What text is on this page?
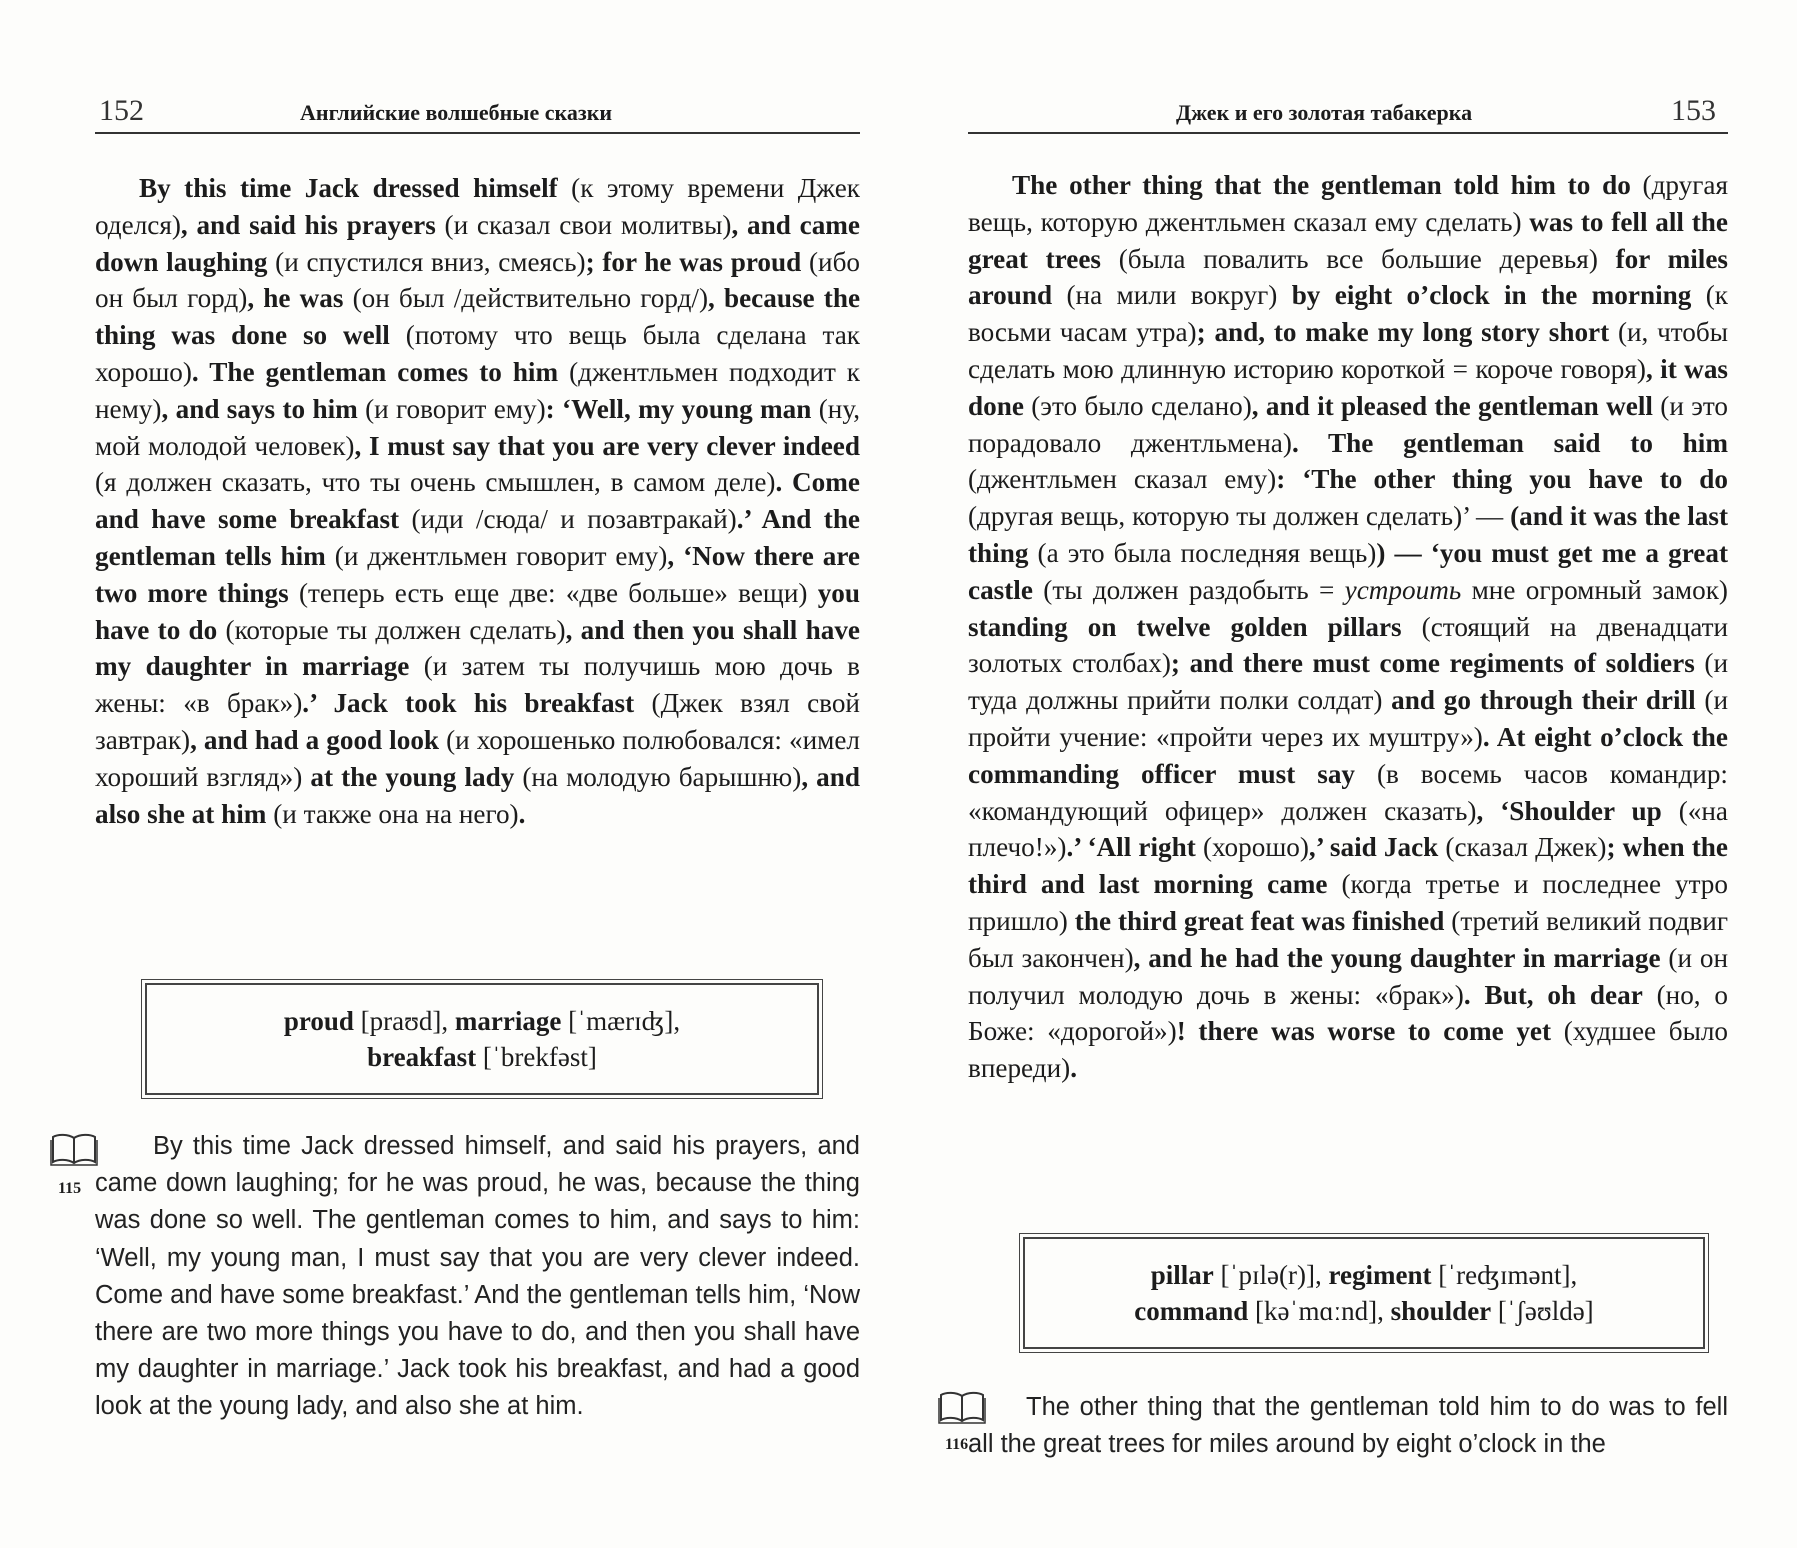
152	Английские волшебные сказки

By this time Jack dressed himself (к этому времени Джек оделся), and said his prayers (и сказал свои молитвы), and came down laughing (и спустился вниз, смеясь); for he was proud (ибо он был горд), he was (он был /действительно горд/), because the thing was done so well (потому что вещь была сделана так хорошо). The gentleman comes to him (джентльмен подходит к нему), and says to him (и говорит ему): ‘Well, my young man (ну, мой молодой человек), I must say that you are very clever indeed (я должен сказать, что ты очень смышлен, в самом деле). Come and have some breakfast (иди /сюда/ и позавтракай).’ And the gentleman tells him (и джентльмен говорит ему), ‘Now there are two more things (теперь есть еще две: «две больше» вещи) you have to do (которые ты должен сделать), and then you shall have my daughter in marriage (и затем ты получишь мою дочь в жены: «в брак»).’ Jack took his breakfast (Джек взял свой завтрак), and had a good look (и хорошенько полюбовался: «имел хороший взгляд») at the young lady (на молодую барышню), and also she at him (и также она на него).

proud [praʊd], marriage [ˈmærɪʤ],
breakfast [ˈbrekfəst]
115

By this time Jack dressed himself, and said his prayers, and came down laughing; for he was proud, he was, because the thing was done so well. The gentleman comes to him, and says to him: ‘Well, my young man, I must say that you are very clever indeed. Come and have some breakfast.’ And the gentleman tells him, ‘Now there are two more things you have to do, and then you shall have my daughter in marriage.’ Jack took his breakfast, and had a good look at the young lady, and also she at him.

Джек и его золотая табакерка	153

The other thing that the gentleman told him to do (другая вещь, которую джентльмен сказал ему сделать) was to fell all the great trees (была повалить все большие деревья) for miles around (на мили вокруг) by eight o’clock in the morning (к восьми часам утра); and, to make my long story short (и, чтобы сделать мою длинную историю короткой = короче говоря), it was done (это было сделано), and it pleased the gentleman well (и это порадовало джентльмена). The gentleman said to him (джентльмен сказал ему): ‘The other thing you have to do (другая вещь, которую ты должен сделать)’ — (and it was the last thing (а это была последняя вещь)) — ‘you must get me a great castle (ты должен раздобыть = устроить мне огромный замок) standing on twelve golden pillars (стоящий на двенадцати золотых столбах); and there must come regiments of soldiers (и туда должны прийти полки солдат) and go through their drill (и пройти учение: «пройти через их муштру»). At eight o’clock the commanding officer must say (в восемь часов командир: «командующий офицер» должен сказать), ‘Shoulder up («на плечо!»).’ ‘All right (хорошо),’ said Jack (сказал Джек); when the third and last morning came (когда третье и последнее утро пришло) the third great feat was finished (третий великий подвиг был закончен), and he had the young daughter in marriage (и он получил молодую дочь в жены: «брак»). But, oh dear (но, о Боже: «дорогой»)! there was worse to come yet (худшее было впереди).

pillar [ˈpɪlə(r)], regiment [ˈreʤɪmənt],
command [kəˈmɑːnd], shoulder [ˈʃəʊldə]
116

The other thing that the gentleman told him to do was to fell all the great trees for miles around by eight o’clock in the
